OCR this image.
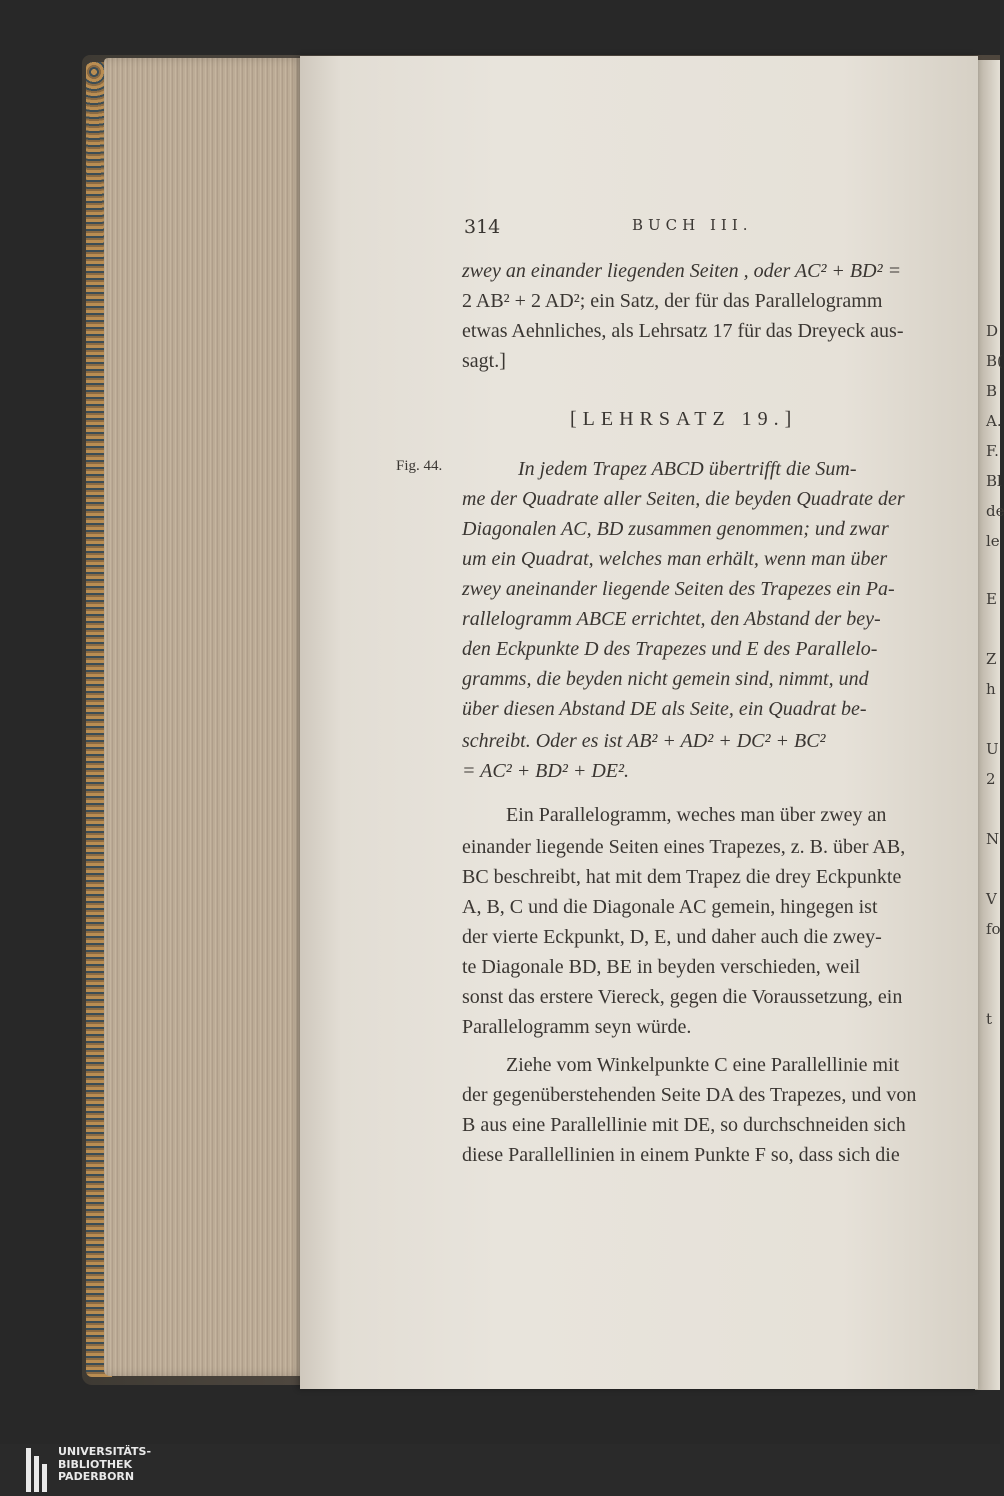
D
B(
B
A.
F.
Bl
de
le
E
Z
h
U
2
N
V
fo
t
314	BUCH III.
zwey an einander liegenden Seiten , oder AC² + BD² =
2 AB² + 2 AD²; ein Satz, der für das Parallelogramm
etwas Aehnliches, als Lehrsatz 17 für das Dreyeck aus-
sagt.]
[LEHRSATZ 19.]
Fig. 44.	In jedem Trapez ABCD übertrifft die Sum-
me der Quadrate aller Seiten, die beyden Quadrate der
Diagonalen AC, BD zusammen genommen; und zwar
um ein Quadrat, welches man erhält, wenn man über
zwey aneinander liegende Seiten des Trapezes ein Pa-
rallelogramm ABCE errichtet, den Abstand der bey-
den Eckpunkte D des Trapezes und E des Parallelo-
gramms, die beyden nicht gemein sind, nimmt, und
über diesen Abstand DE als Seite, ein Quadrat be-
schreibt. Oder es ist AB² + AD² + DC² + BC²
= AC² + BD² + DE².
Ein Parallelogramm, weches man über zwey an
einander liegende Seiten eines Trapezes, z. B. über AB,
BC beschreibt, hat mit dem Trapez die drey Eckpunkte
A, B, C und die Diagonale AC gemein, hingegen ist
der vierte Eckpunkt, D, E, und daher auch die zwey-
te Diagonale BD, BE in beyden verschieden, weil
sonst das erstere Viereck, gegen die Voraussetzung, ein
Parallelogramm seyn würde.
Ziehe vom Winkelpunkte C eine Parallellinie mit
der gegenüberstehenden Seite DA des Trapezes, und von
B aus eine Parallellinie mit DE, so durchschneiden sich
diese Parallellinien in einem Punkte F so, dass sich die
UNIVERSITÄTS-
BIBLIOTHEK
PADERBORN
